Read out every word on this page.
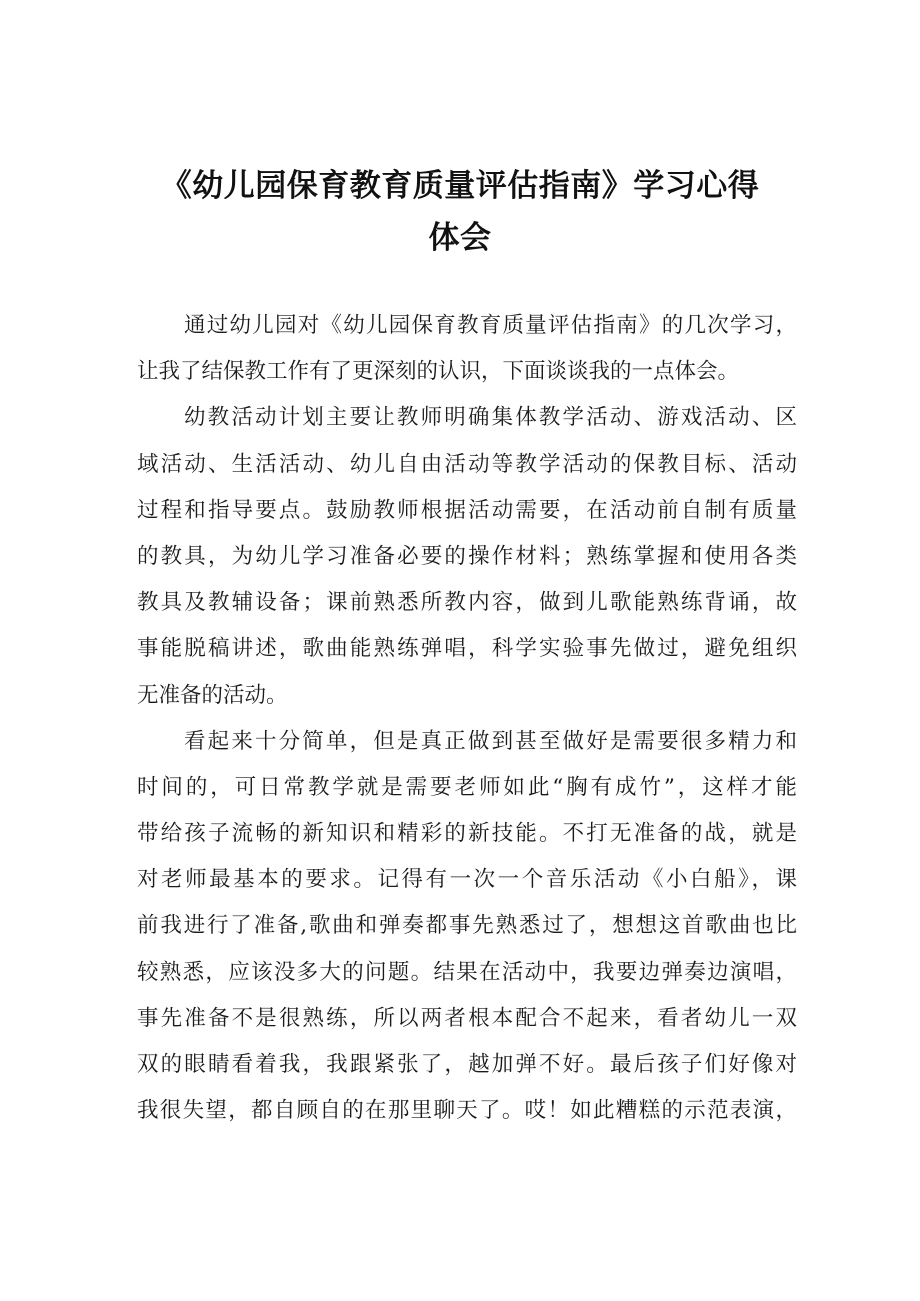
《幼儿园保育教育质量评估指南》学习心得
体会
通过幼儿园对《幼儿园保育教育质量评估指南》的几次学习，
让我了结保教工作有了更深刻的认识，下面谈谈我的一点体会。
幼教活动计划主要让教师明确集体教学活动、游戏活动、区
域活动、生活活动、幼儿自由活动等教学活动的保教目标、活动
过程和指导要点。鼓励教师根据活动需要，在活动前自制有质量
的教具，为幼儿学习准备必要的操作材料；熟练掌握和使用各类
教具及教辅设备；课前熟悉所教内容，做到儿歌能熟练背诵，故
事能脱稿讲述，歌曲能熟练弹唱，科学实验事先做过，避免组织
无准备的活动。
看起来十分简单，但是真正做到甚至做好是需要很多精力和
时间的，可日常教学就是需要老师如此“胸有成竹”，这样才能
带给孩子流畅的新知识和精彩的新技能。不打无准备的战，就是
对老师最基本的要求。记得有一次一个音乐活动《小白船》，课
前我进行了准备,歌曲和弹奏都事先熟悉过了，想想这首歌曲也比
较熟悉，应该没多大的问题。结果在活动中，我要边弹奏边演唱，
事先准备不是很熟练，所以两者根本配合不起来，看者幼儿一双
双的眼睛看着我，我跟紧张了，越加弹不好。最后孩子们好像对
我很失望，都自顾自的在那里聊天了。哎！如此糟糕的示范表演，
